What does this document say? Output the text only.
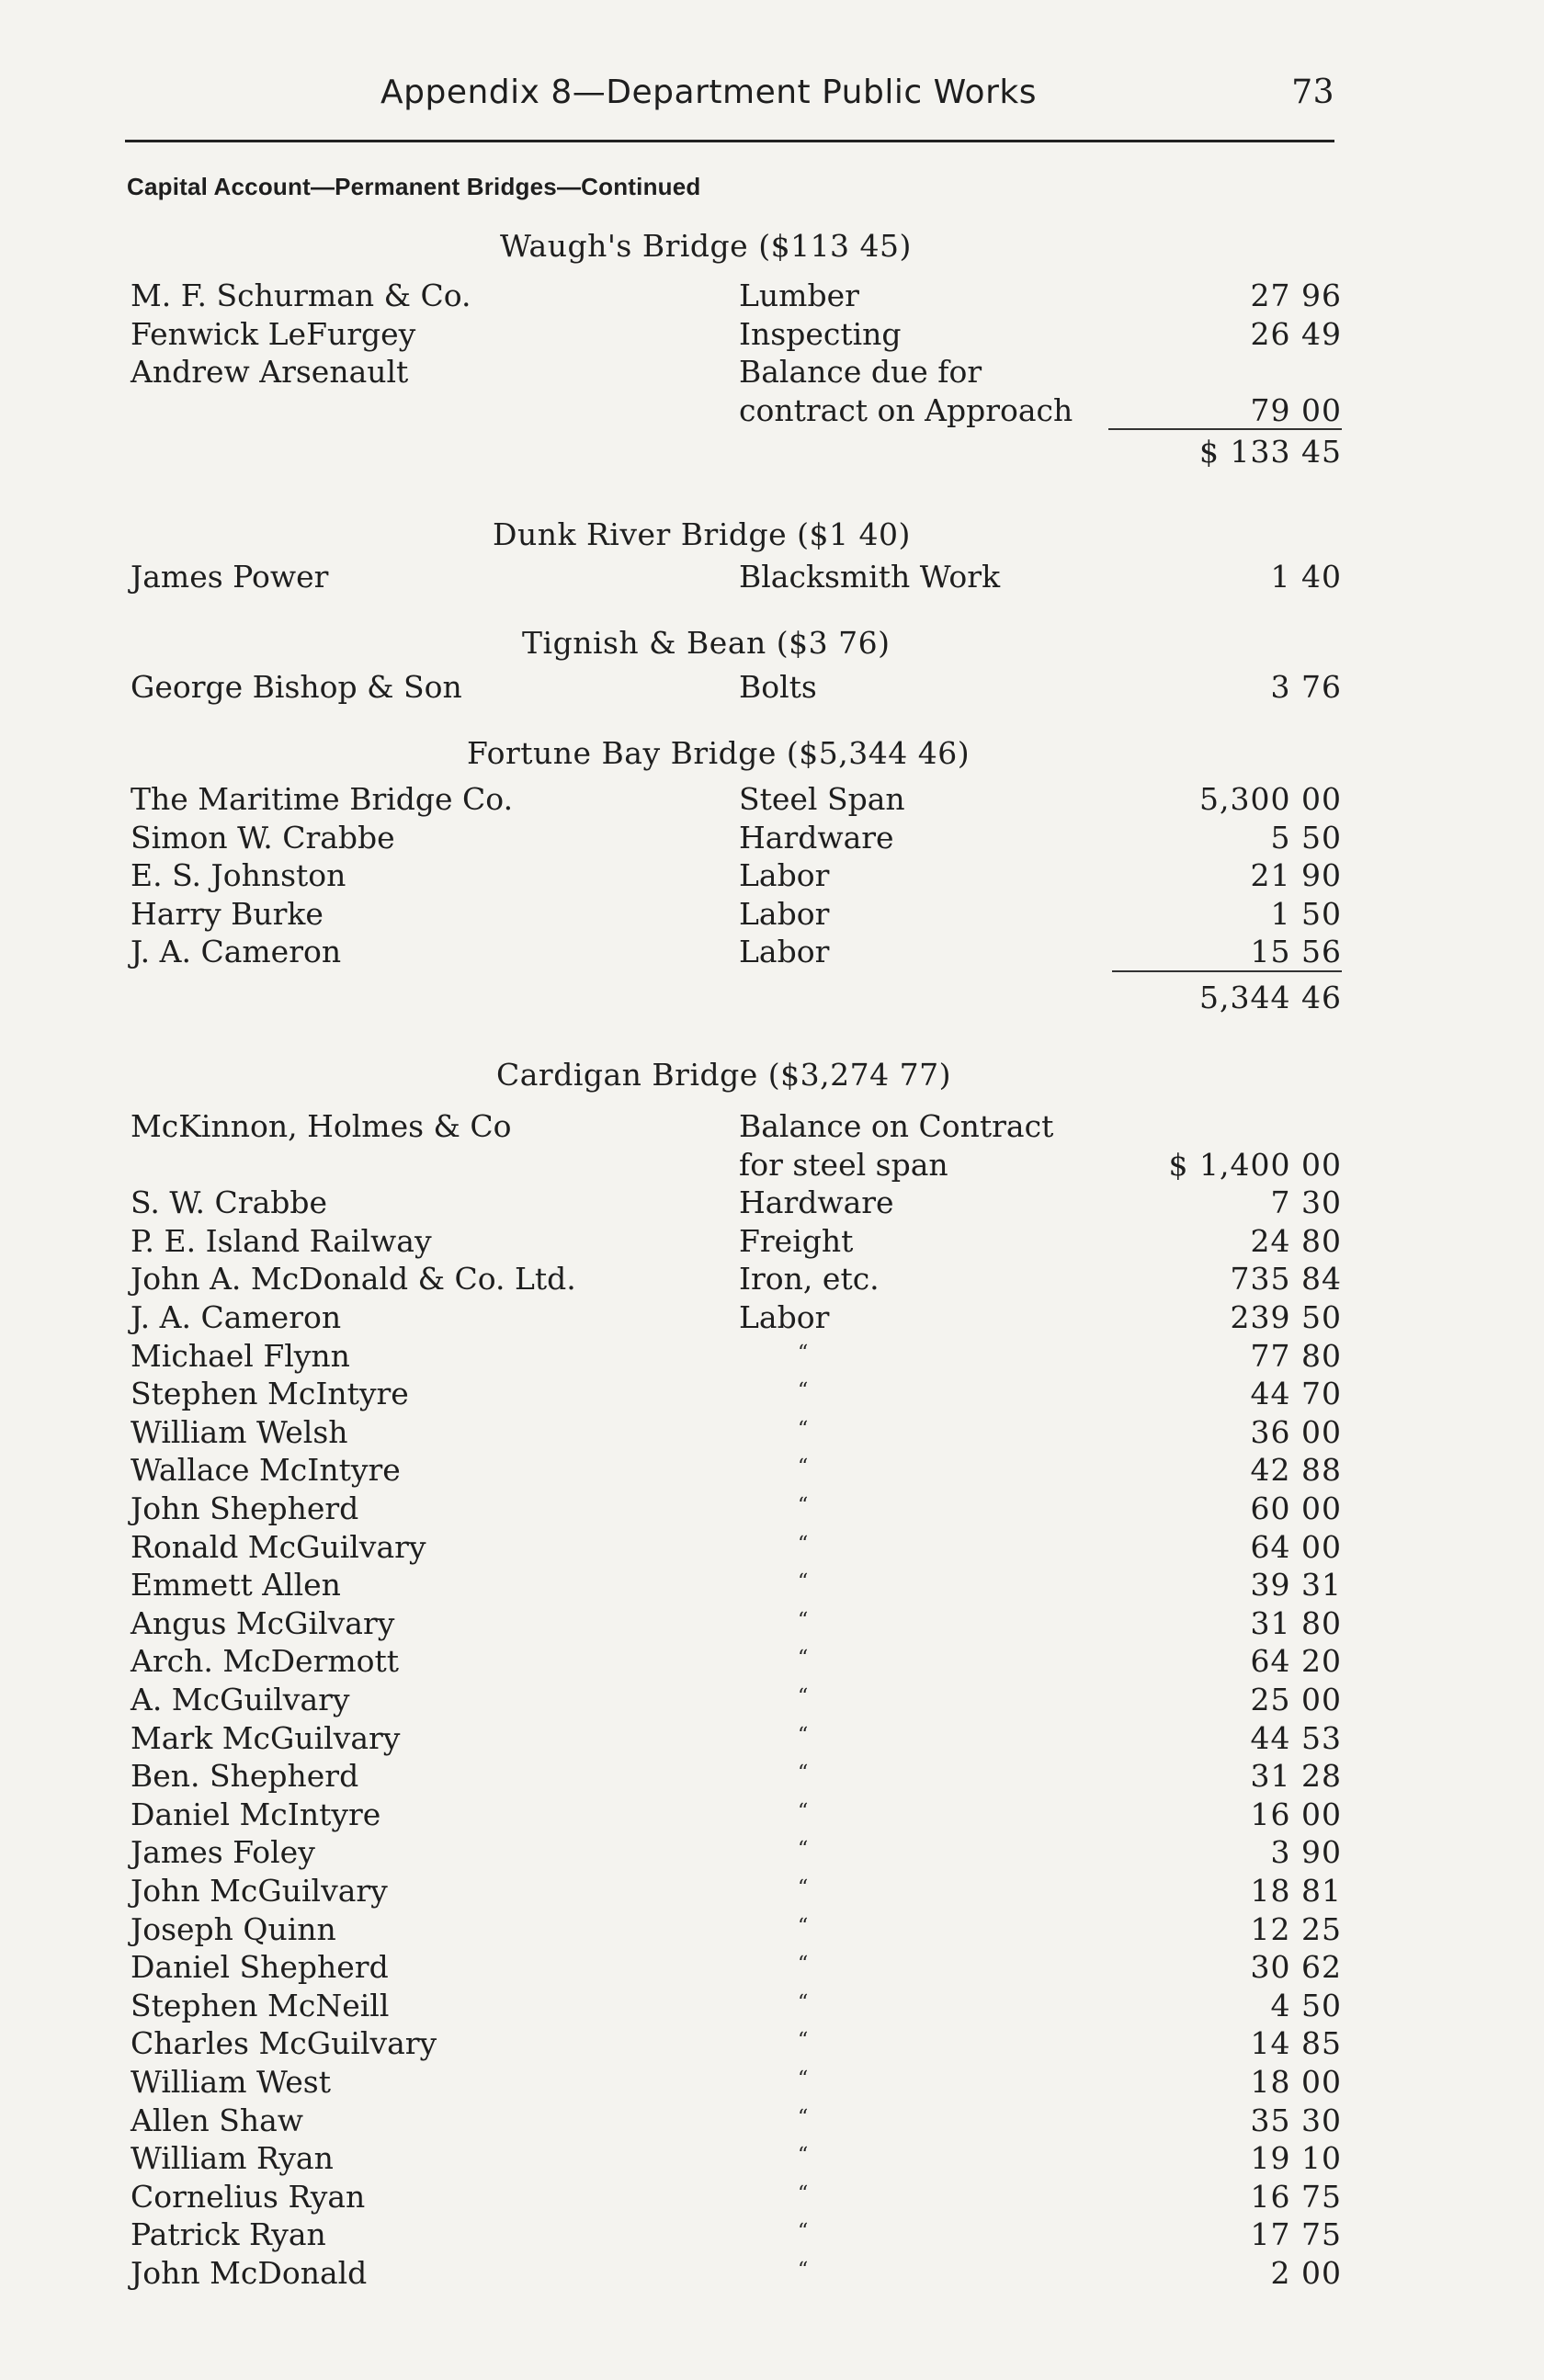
Appendix 8—Department Public Works	73
Capital Account—Permanent Bridges—Continued
Waugh's Bridge ($113 45)
M. F. Schurman & Co.	Lumber	27 96
Fenwick LeFurgey	Inspecting	26 49
Andrew Arsenault	Balance due for
contract on Approach	79 00
$ 133 45
Dunk River Bridge ($1 40)
James Power	Blacksmith Work	1 40
Tignish & Bean ($3 76)
George Bishop & Son	Bolts	3 76
Fortune Bay Bridge ($5,344 46)
The Maritime Bridge Co.	Steel Span	5,300 00
Simon W. Crabbe	Hardware	5 50
E. S. Johnston	Labor	21 90
Harry Burke	Labor	1 50
J. A. Cameron	Labor	15 56
5,344 46
Cardigan Bridge ($3,274 77)
McKinnon, Holmes & Co	Balance on Contract
for steel span	$ 1,400 00
S. W. Crabbe	Hardware	7 30
P. E. Island Railway	Freight	24 80
John A. McDonald & Co. Ltd.	Iron, etc.	735 84
J. A. Cameron	Labor	239 50
Michael Flynn	“	77 80
Stephen McIntyre	“	44 70
William Welsh	“	36 00
Wallace McIntyre	“	42 88
John Shepherd	“	60 00
Ronald McGuilvary	“	64 00
Emmett Allen	“	39 31
Angus McGilvary	“	31 80
Arch. McDermott	“	64 20
A. McGuilvary	“	25 00
Mark McGuilvary	“	44 53
Ben. Shepherd	“	31 28
Daniel McIntyre	“	16 00
James Foley	“	3 90
John McGuilvary	“	18 81
Joseph Quinn	“	12 25
Daniel Shepherd	“	30 62
Stephen McNeill	“	4 50
Charles McGuilvary	“	14 85
William West	“	18 00
Allen Shaw	“	35 30
William Ryan	“	19 10
Cornelius Ryan	“	16 75
Patrick Ryan	“	17 75
John McDonald	“	2 00
